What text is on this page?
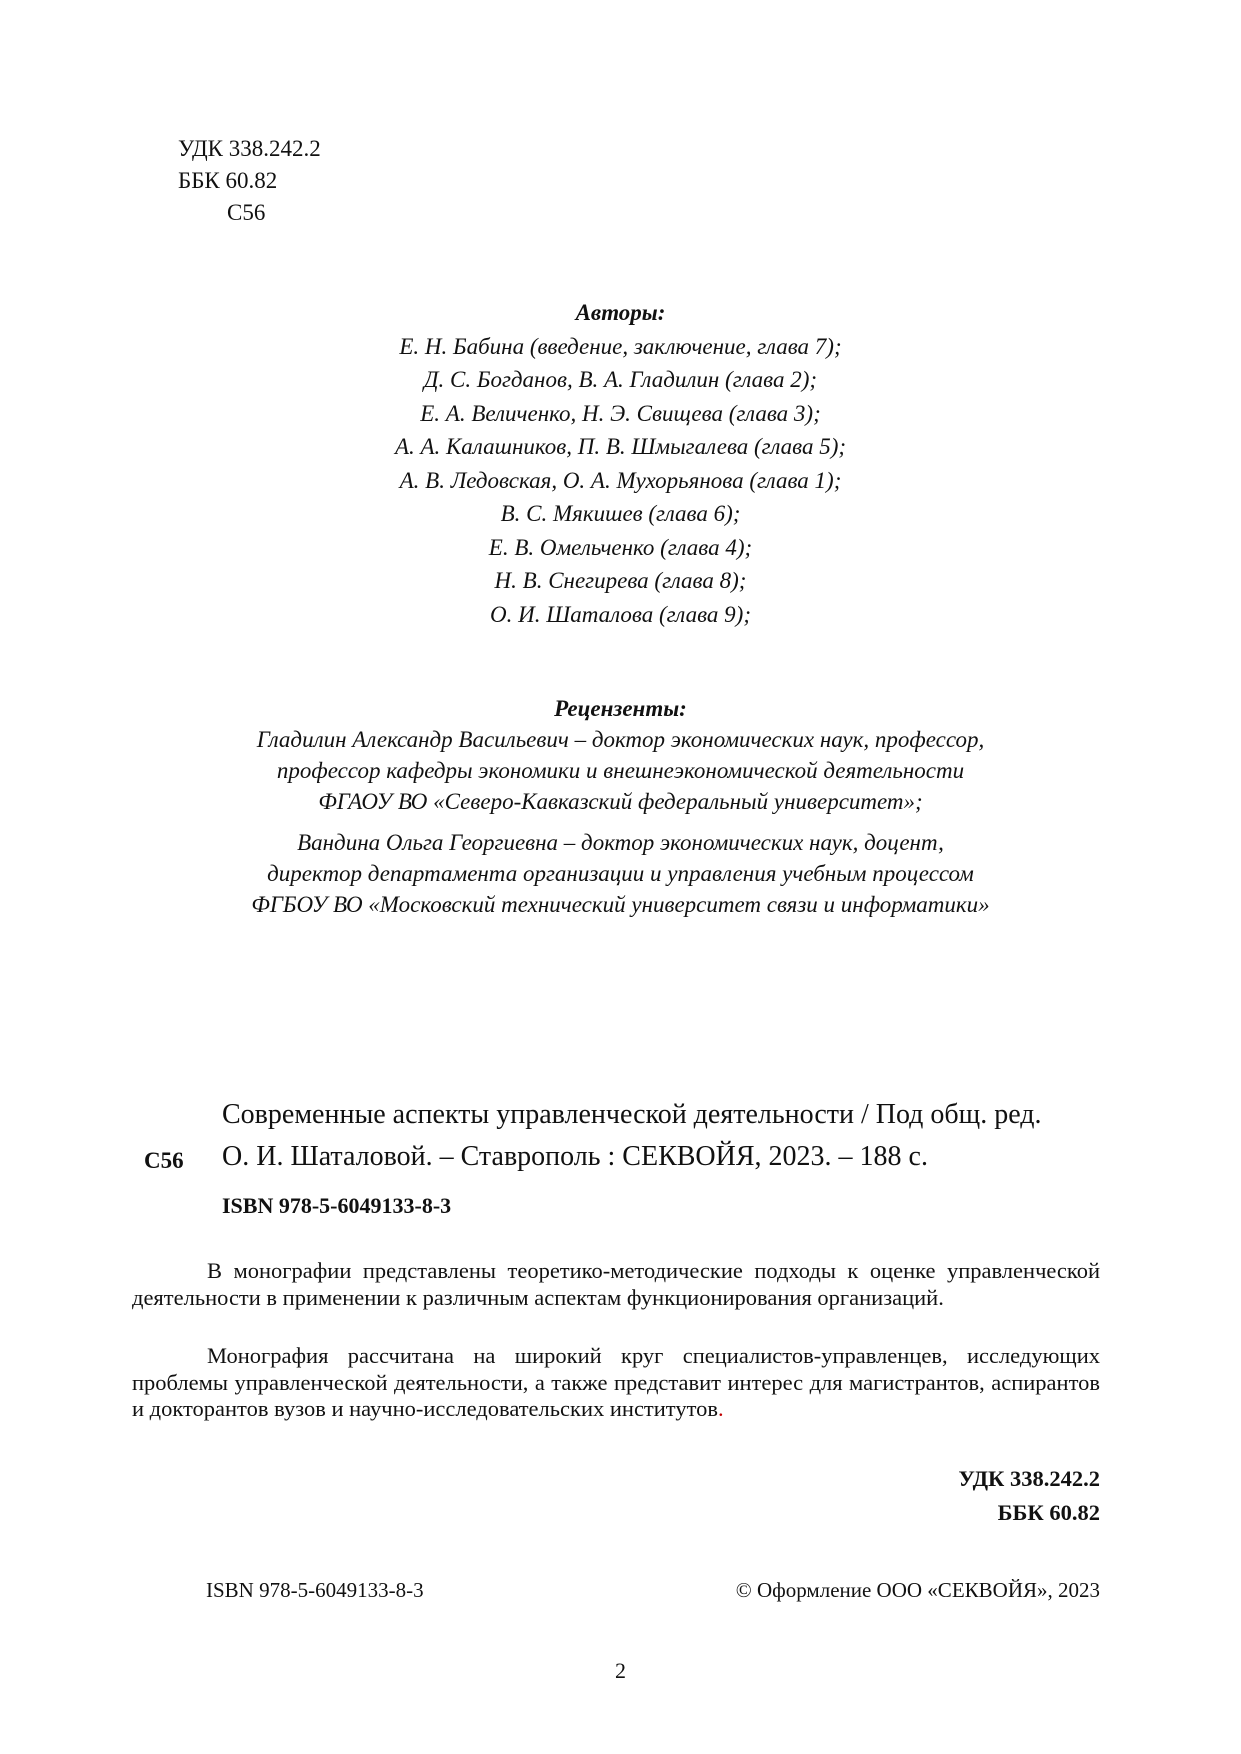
УДК 338.242.2
ББК 60.82
С56
Авторы:
Е. Н. Бабина (введение, заключение, глава 7);
Д. С. Богданов, В. А. Гладилин (глава 2);
Е. А. Величенко, Н. Э. Свищева (глава 3);
А. А. Калашников, П. В. Шмыгалева (глава 5);
А. В. Ледовская, О. А. Мухорьянова (глава 1);
В. С. Мякишев (глава 6);
Е. В. Омельченко (глава 4);
Н. В. Снегирева (глава 8);
О. И. Шаталова (глава 9);
Рецензенты:
Гладилин Александр Васильевич – доктор экономических наук, профессор,
профессор кафедры экономики и внешнеэкономической деятельности
ФГАОУ ВО «Северо-Кавказский федеральный университет»;
Вандина Ольга Георгиевна – доктор экономических наук, доцент,
директор департамента организации и управления учебным процессом
ФГБОУ ВО «Московский технический университет связи и информатики»
С56
Современные аспекты управленческой деятельности / Под общ. ред.
О. И. Шаталовой. – Ставрополь : СЕКВОЙЯ, 2023. – 188 с.
ISBN 978-5-6049133-8-3

В монографии представлены теоретико-методические подходы к оценке управленческой деятельности в применении к различным аспектам функционирования организаций.

Монография рассчитана на широкий круг специалистов-управленцев, исследующих проблемы управленческой деятельности, а также представит интерес для магистрантов, аспирантов и докторантов вузов и научно-исследовательских институтов.

УДК 338.242.2
ББК 60.82
ISBN 978-5-6049133-8-3	© Оформление ООО «СЕКВОЙЯ», 2023
2
